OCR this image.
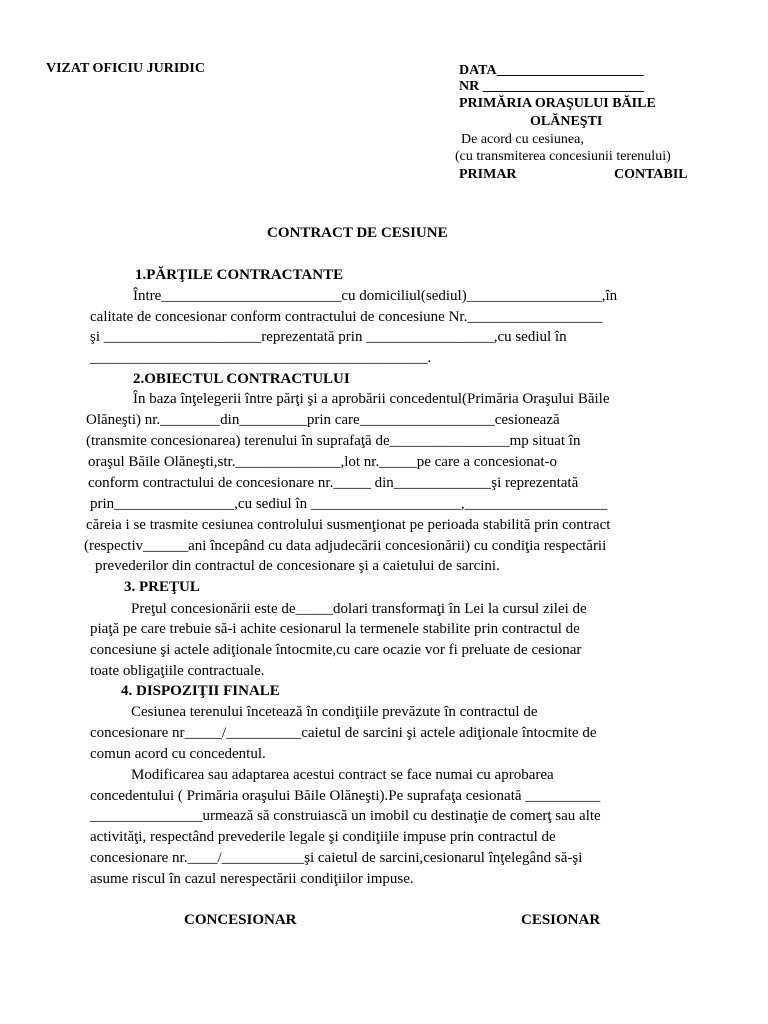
VIZAT OFICIU JURIDIC	DATA_____________________
NR _______________________
PRIMĂRIA ORAŞULUI BĂILE
OLĂNEŞTI
De acord cu cesiunea,
(cu transmiterea concesiunii terenului)
PRIMAR	CONTABIL
CONTRACT DE CESIUNE
1.PĂRŢILE CONTRACTANTE
Între________________________cu domiciliul(sediul)__________________,în
calitate de concesionar conform contractului de concesiune Nr.__________________
şi _____________________reprezentată prin _________________,cu sediul în
_____________________________________________.
2.OBIECTUL CONTRACTULUI
În baza înţelegerii între părţi şi a aprobării concedentul(Primăria Oraşului Băile
Olăneşti) nr.________din_________prin care__________________cesionează
(transmite concesionarea) terenului în suprafaţă de________________mp situat în
oraşul Băile Olăneşti,str.______________,lot nr._____pe care a concesionat-o
conform contractului de concesionare nr._____ din_____________şi reprezentată
prin________________,cu sediul în ____________________,___________________
căreia i se trasmite cesiunea controlului susmenţionat pe perioada stabilită prin contract
(respectiv______ani începând cu data adjudecării concesionării) cu condiţia respectării
prevederilor din contractul de concesionare şi a caietului de sarcini.
3. PREŢUL
Preţul concesionării este de_____dolari transformaţi în Lei la cursul zilei de
piaţă pe care trebuie să-i achite cesionarul la termenele stabilite prin contractul de
concesiune şi actele adiţionale întocmite,cu care ocazie vor fi preluate de cesionar
toate obligaţiile contractuale.
4. DISPOZIŢII FINALE
Cesiunea terenului încetează în condiţiile prevăzute în contractul de
concesionare nr_____/__________caietul de sarcini şi actele adiţionale întocmite de
comun acord cu concedentul.
Modificarea sau adaptarea acestui contract se face numai cu aprobarea
concedentului ( Primăria oraşului Băile Olăneşti).Pe suprafaţa cesionată __________
_______________urmează să construiască un imobil cu destinaţie de comerţ sau alte
activităţi, respectând prevederile legale şi condiţiile impuse prin contractul de
concesionare nr.____/___________şi caietul de sarcini,cesionarul înţelegând să-şi
asume riscul în cazul nerespectării condiţiilor impuse.
CONCESIONAR	CESIONAR
